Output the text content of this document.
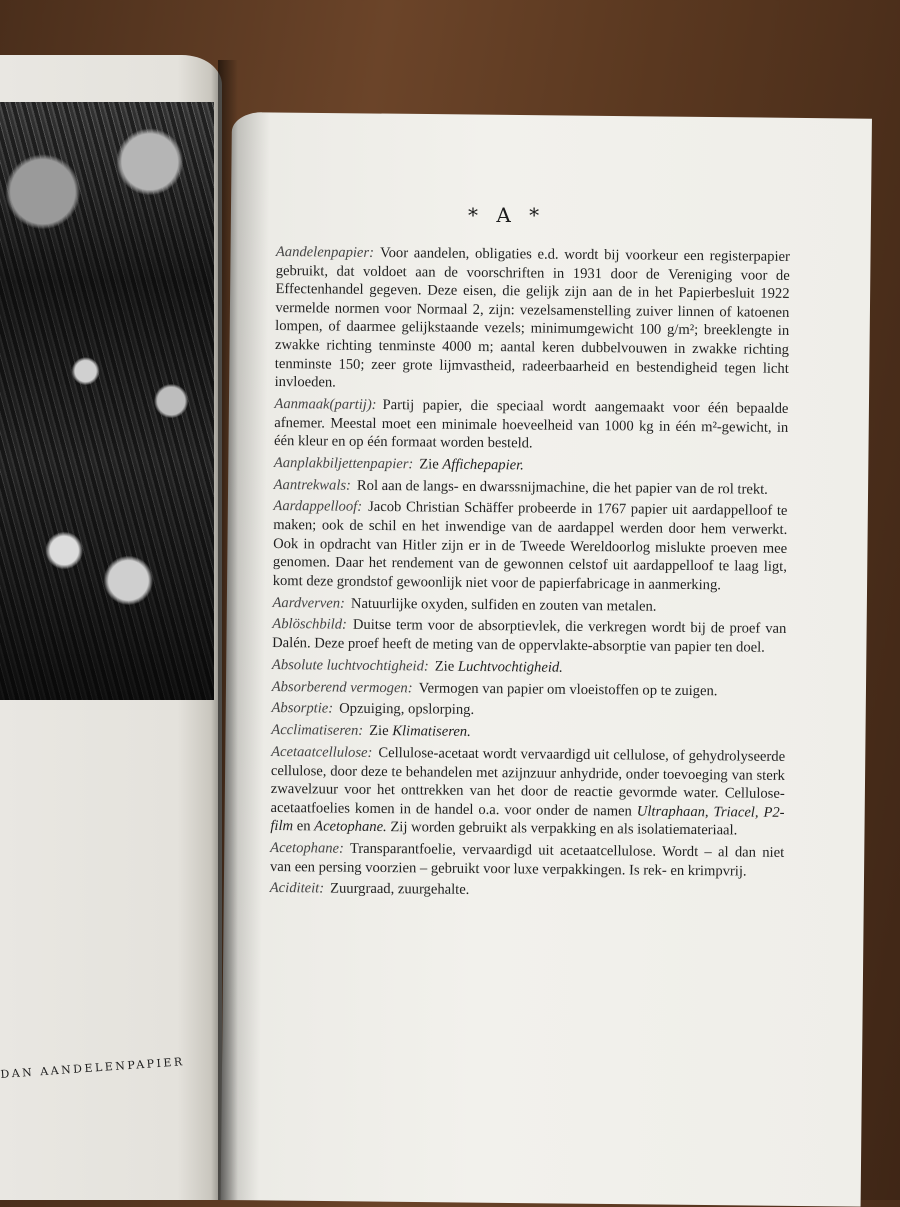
DAN AANDELENPAPIER
* A *

Aandelenpapier: Voor aandelen, obligaties e.d. wordt bij voorkeur een registerpapier gebruikt, dat voldoet aan de voorschriften in 1931 door de Vereniging voor de Effectenhandel gegeven. Deze eisen, die gelijk zijn aan de in het Papierbesluit 1922 vermelde normen voor Normaal 2, zijn: vezelsamenstelling zuiver linnen of katoenen lompen, of daarmee gelijkstaande vezels; minimumgewicht 100 g/m²; breeklengte in zwakke richting tenminste 4000 m; aantal keren dubbelvouwen in zwakke richting tenminste 150; zeer grote lijmvastheid, radeerbaarheid en bestendigheid tegen licht invloeden.

Aanmaak(partij): Partij papier, die speciaal wordt aangemaakt voor één bepaalde afnemer. Meestal moet een minimale hoeveelheid van 1000 kg in één m²-gewicht, in één kleur en op één formaat worden besteld.

Aanplakbiljettenpapier: Zie Affichepapier.

Aantrekwals: Rol aan de langs- en dwarssnijmachine, die het papier van de rol trekt.

Aardappelloof: Jacob Christian Schäffer probeerde in 1767 papier uit aardappelloof te maken; ook de schil en het inwendige van de aardappel werden door hem verwerkt. Ook in opdracht van Hitler zijn er in de Tweede Wereldoorlog mislukte proeven mee genomen. Daar het rendement van de gewonnen celstof uit aardappelloof te laag ligt, komt deze grondstof gewoonlijk niet voor de papierfabricage in aanmerking.

Aardverven: Natuurlijke oxyden, sulfiden en zouten van metalen.

Ablöschbild: Duitse term voor de absorptievlek, die verkregen wordt bij de proef van Dalén. Deze proef heeft de meting van de oppervlakte-absorptie van papier ten doel.

Absolute luchtvochtigheid: Zie Luchtvochtigheid.

Absorberend vermogen: Vermogen van papier om vloeistoffen op te zuigen.

Absorptie: Opzuiging, opslorping.

Acclimatiseren: Zie Klimatiseren.

Acetaatcellulose: Cellulose-acetaat wordt vervaardigd uit cellulose, of gehydrolyseerde cellulose, door deze te behandelen met azijnzuur anhydride, onder toevoeging van sterk zwavelzuur voor het onttrekken van het door de reactie gevormde water. Cellulose-acetaatfoelies komen in de handel o.a. voor onder de namen Ultraphaan, Triacel, P2-film en Acetophane. Zij worden gebruikt als verpakking en als isolatiemateriaal.

Acetophane: Transparantfoelie, vervaardigd uit acetaatcellulose. Wordt – al dan niet van een persing voorzien – gebruikt voor luxe verpakkingen. Is rek- en krimpvrij.

Aciditeit: Zuurgraad, zuurgehalte.
